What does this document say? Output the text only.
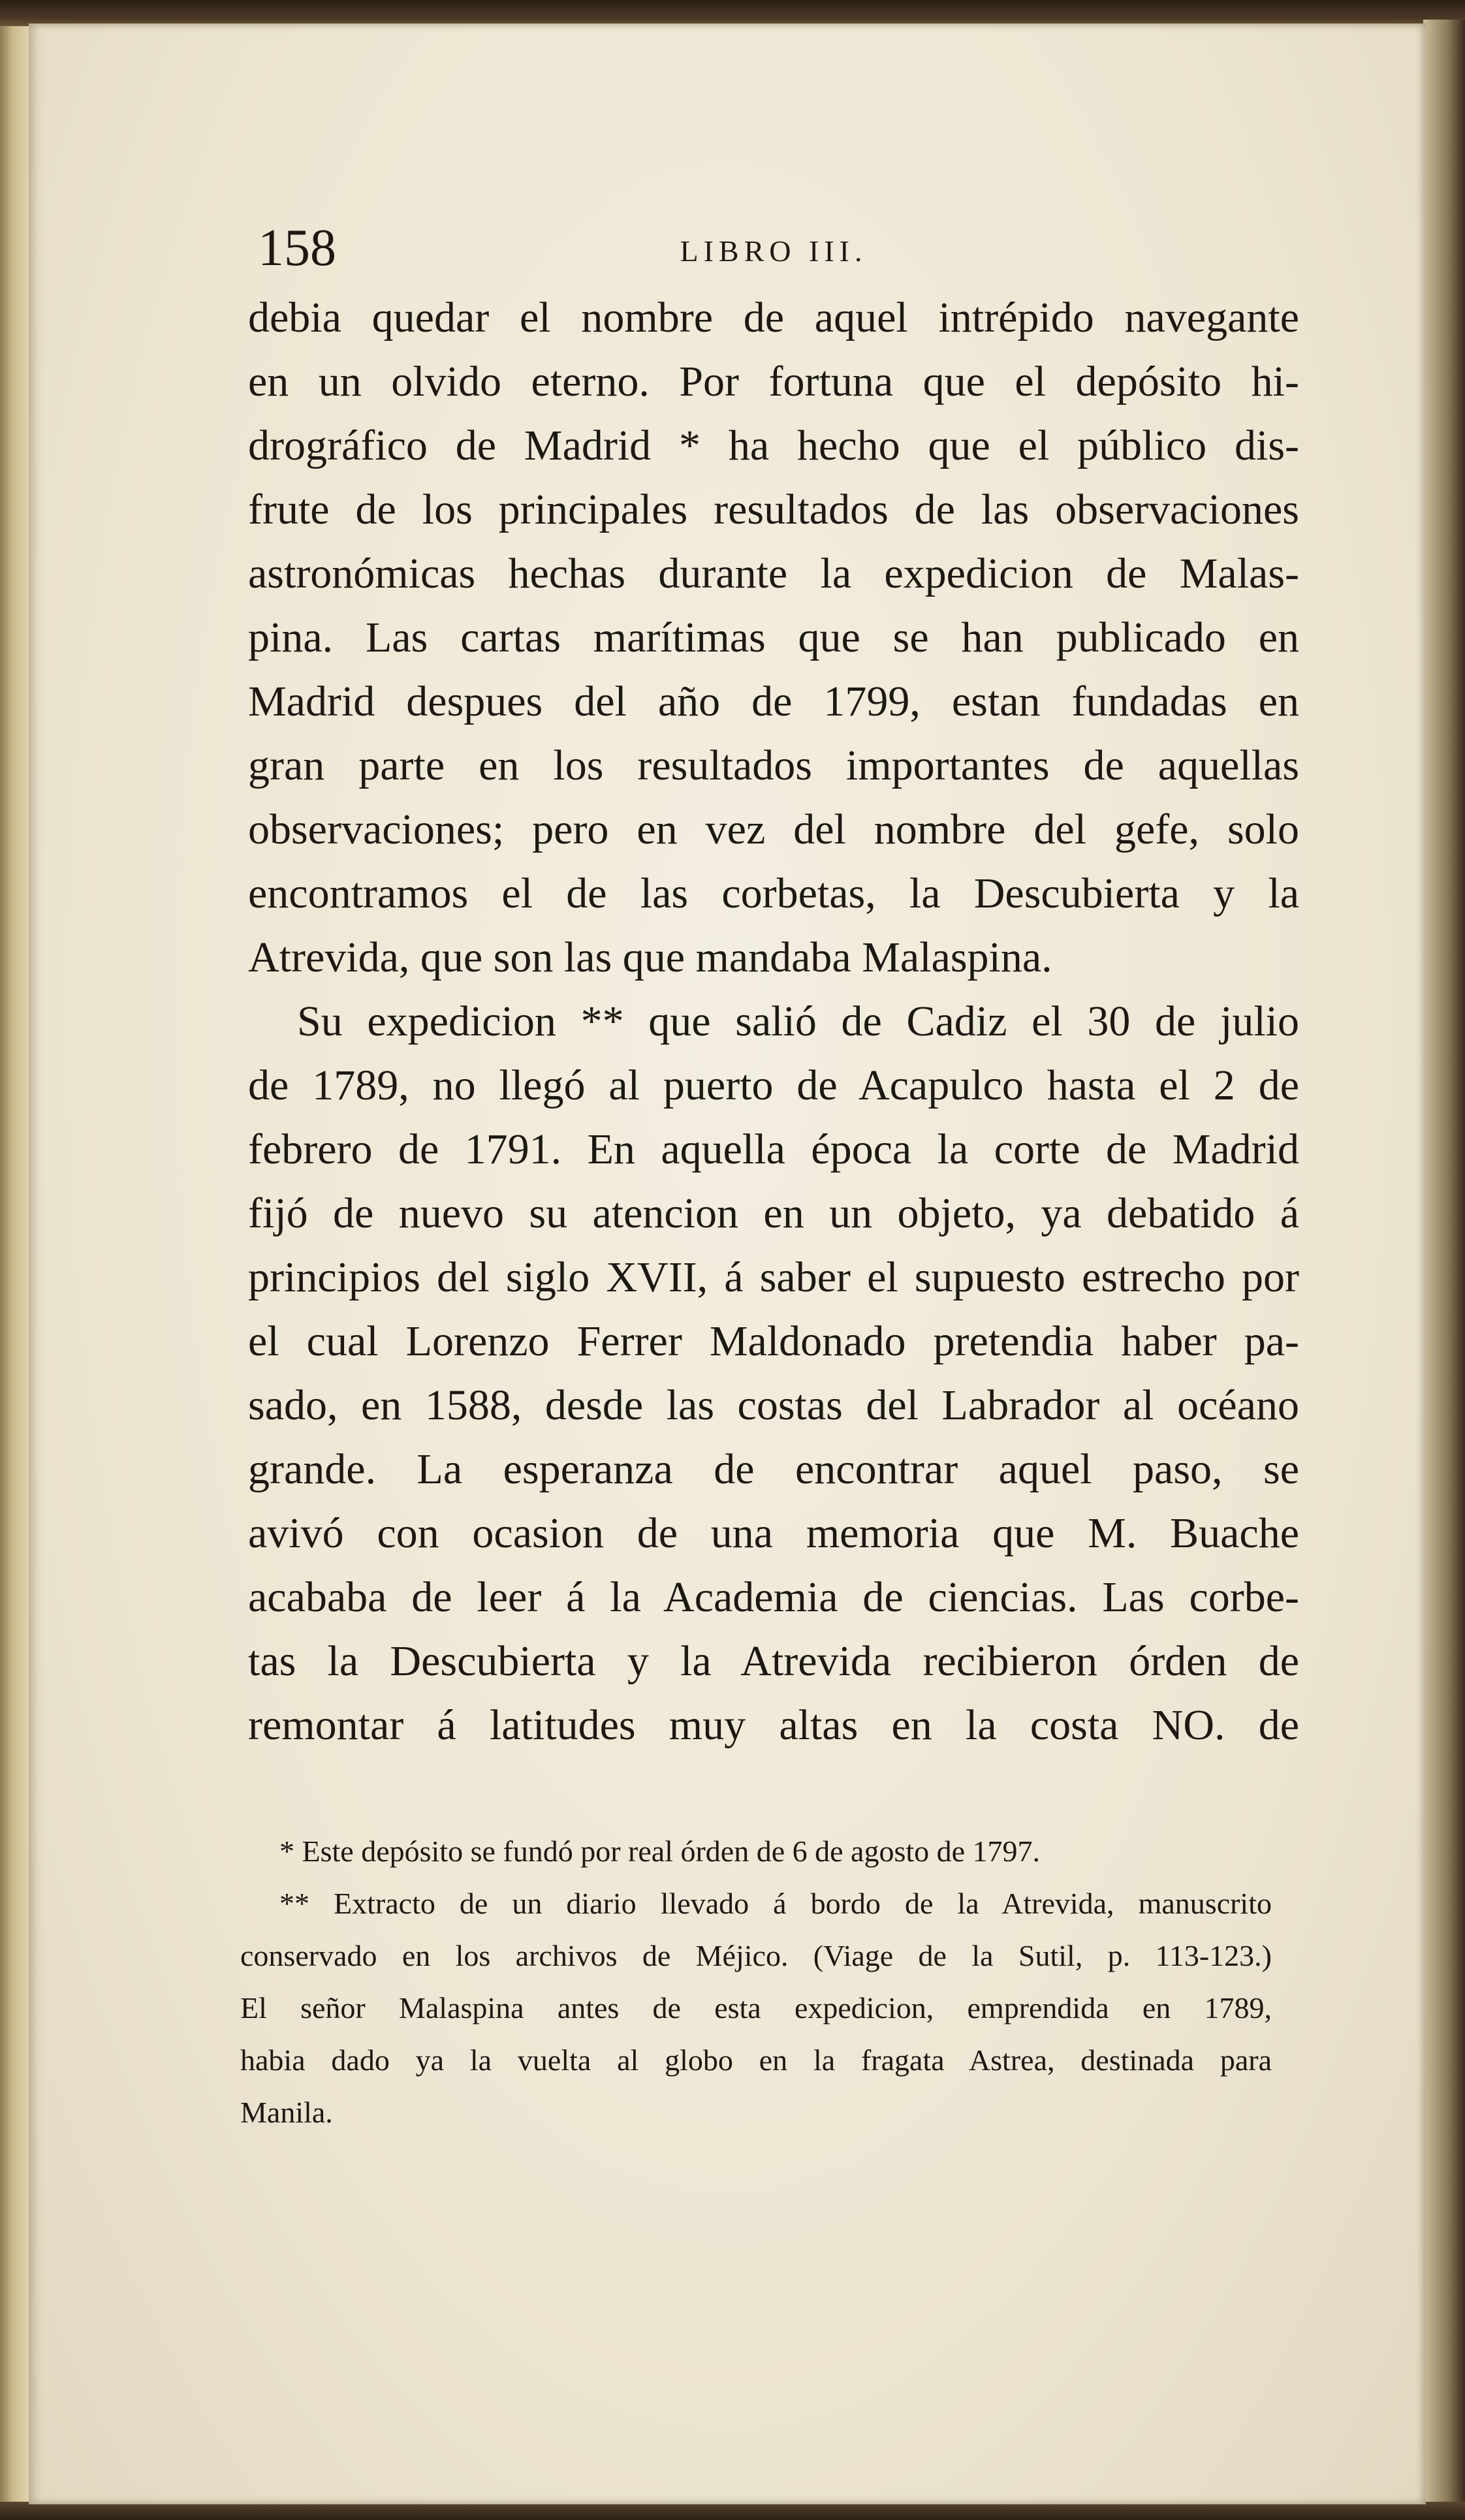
158	LIBRO III.
debia quedar el nombre de aquel intrépido navegante
en un olvido eterno. Por fortuna que el depósito hi-
drográfico de Madrid * ha hecho que el público dis-
frute de los principales resultados de las observaciones
astronómicas hechas durante la expedicion de Malas-
pina. Las cartas marítimas que se han publicado en
Madrid despues del año de 1799, estan fundadas en
gran parte en los resultados importantes de aquellas
observaciones; pero en vez del nombre del gefe, solo
encontramos el de las corbetas, la Descubierta y la
Atrevida, que son las que mandaba Malaspina.
Su expedicion ** que salió de Cadiz el 30 de julio
de 1789, no llegó al puerto de Acapulco hasta el 2 de
febrero de 1791. En aquella época la corte de Madrid
fijó de nuevo su atencion en un objeto, ya debatido á
principios del siglo XVII, á saber el supuesto estrecho por
el cual Lorenzo Ferrer Maldonado pretendia haber pa-
sado, en 1588, desde las costas del Labrador al océano
grande. La esperanza de encontrar aquel paso, se
avivó con ocasion de una memoria que M. Buache
acababa de leer á la Academia de ciencias. Las corbe-
tas la Descubierta y la Atrevida recibieron órden de
remontar á latitudes muy altas en la costa NO. de
* Este depósito se fundó por real órden de 6 de agosto de 1797.
** Extracto de un diario llevado á bordo de la Atrevida, manuscrito
conservado en los archivos de Méjico. (Viage de la Sutil, p. 113-123.)
El señor Malaspina antes de esta expedicion, emprendida en 1789,
habia dado ya la vuelta al globo en la fragata Astrea, destinada para
Manila.
